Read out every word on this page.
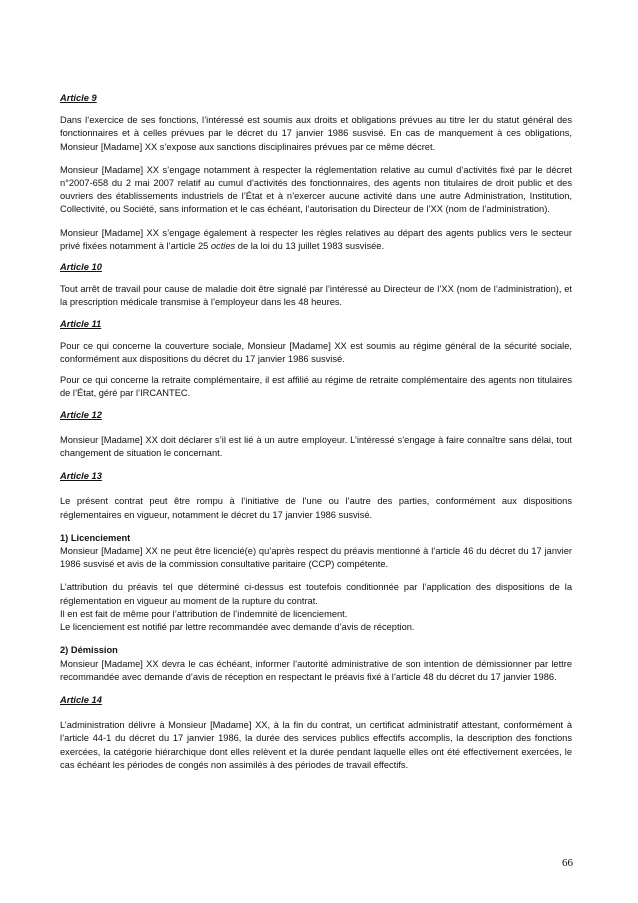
Article 9

Dans l’exercice de ses fonctions, l’intéressé est soumis aux droits et obligations prévues au titre Ier du statut général des fonctionnaires et à celles prévues par le décret du 17 janvier 1986 susvisé. En cas de manquement à ces obligations, Monsieur [Madame] XX s’expose aux sanctions disciplinaires prévues par ce même décret.

Monsieur [Madame] XX s’engage notamment à respecter la réglementation relative au cumul d’activités fixé par le décret n°2007-658 du 2 mai 2007 relatif au cumul d’activités des fonctionnaires, des agents non titulaires de droit public et des ouvriers des établissements industriels de l’État et à n’exercer aucune activité dans une autre Administration, Institution, Collectivité, ou Société, sans information et le cas échéant, l’autorisation du Directeur de l’XX (nom de l’administration).

Monsieur [Madame] XX s’engage également à respecter les règles relatives au départ des agents publics vers le secteur privé fixées notamment à l’article 25 octies de la loi du 13 juillet 1983 susvisée.

Article 10

Tout arrêt de travail pour cause de maladie doit être signalé par l’intéressé au Directeur de l’XX (nom de l’administration), et la prescription médicale transmise à l’employeur dans les 48 heures.

Article 11

Pour ce qui concerne la couverture sociale, Monsieur [Madame] XX est soumis au régime général de la sécurité sociale, conformément aux dispositions du décret du 17 janvier 1986 susvisé.

Pour ce qui concerne la retraite complémentaire, il est affilié au régime de retraite complémentaire des agents non titulaires de l’État, géré par l’IRCANTEC.

Article 12

Monsieur [Madame] XX doit déclarer s’il est lié à un autre employeur. L’intéressé s’engage à faire connaître sans délai, tout changement de situation le concernant.

Article 13

Le présent contrat peut être rompu à l’initiative de l’une ou l’autre des parties, conformément aux dispositions réglementaires en vigueur, notamment le décret du 17 janvier 1986 susvisé.

1) Licenciement

Monsieur [Madame] XX ne peut être licencié(e) qu’après respect du préavis mentionné à l’article 46 du décret du 17 janvier 1986 susvisé et avis de la commission consultative paritaire (CCP) compétente.

L’attribution du préavis tel que déterminé ci-dessus est toutefois conditionnée par l’application des dispositions de la réglementation en vigueur au moment de la rupture du contrat.

Il en est fait de même pour l’attribution de l’indemnité de licenciement.

Le licenciement est notifié par lettre recommandée avec demande d’avis de réception.

2) Démission

Monsieur [Madame] XX devra le cas échéant, informer l’autorité administrative de son intention de démissionner par lettre recommandée avec demande d’avis de réception en respectant le préavis fixé à l’article 48 du décret du 17 janvier 1986.

Article 14

L’administration délivre à Monsieur [Madame] XX, à la fin du contrat, un certificat administratif attestant, conformément à l’article 44-1 du décret du 17 janvier 1986, la durée des services publics effectifs accomplis, la description des fonctions exercées, la catégorie hiérarchique dont elles relèvent et la durée pendant laquelle elles ont été effectivement exercées, le cas échéant les périodes de congés non assimilés à des périodes de travail effectifs.

66
